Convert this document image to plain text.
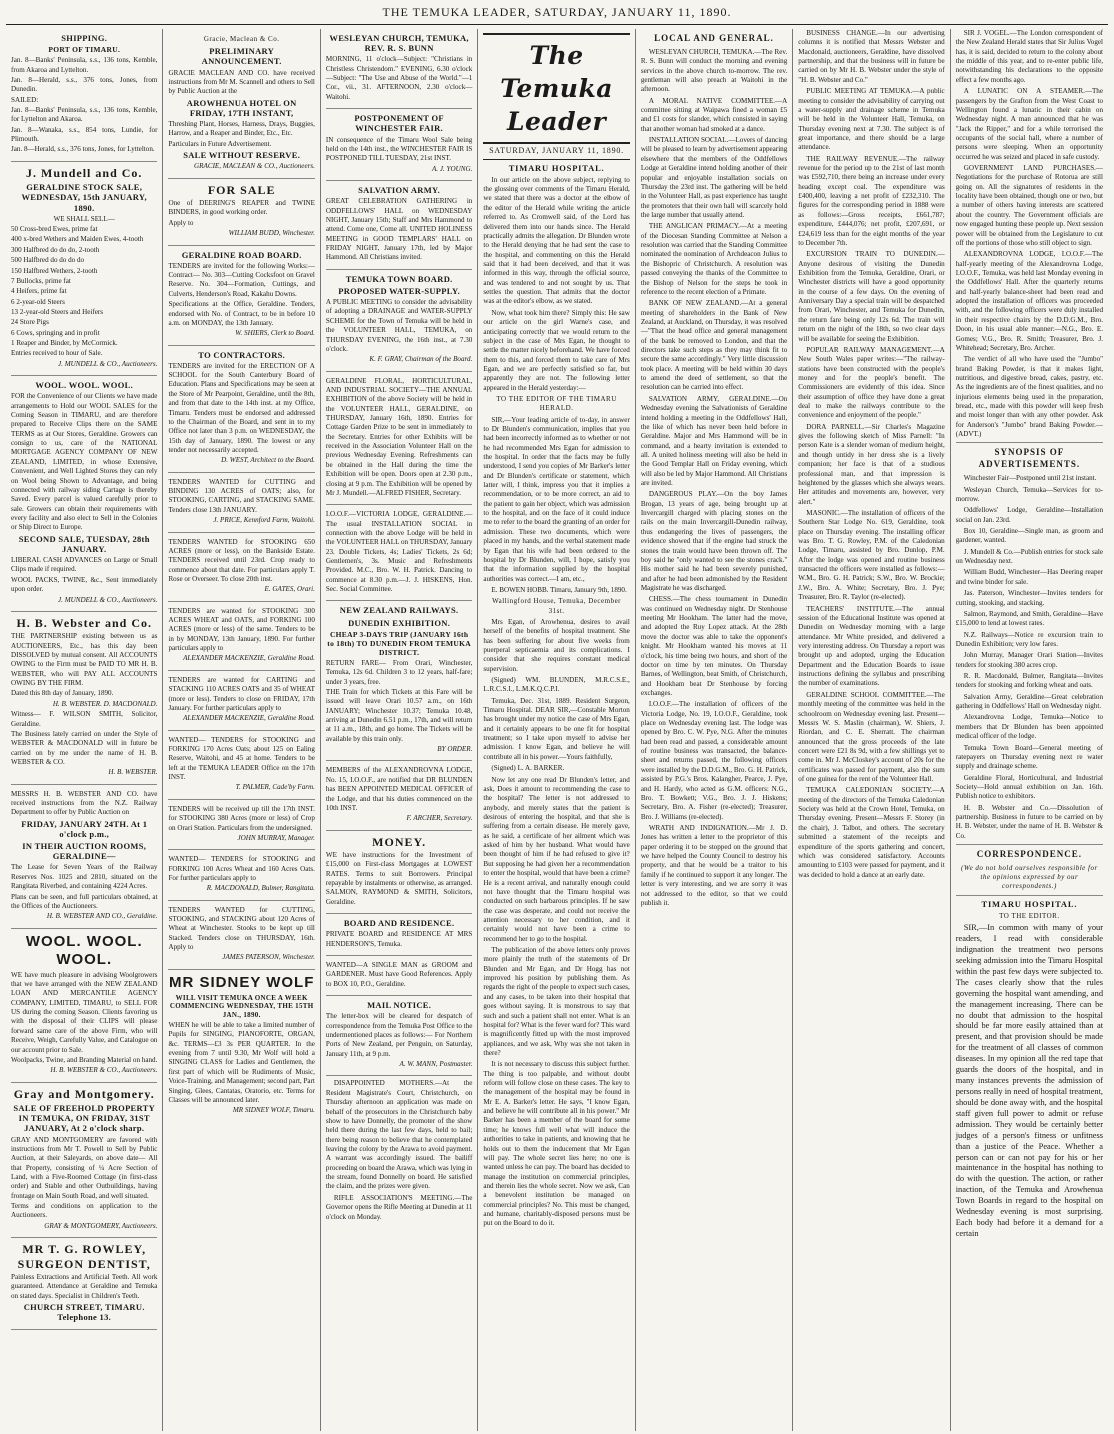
THE TEMUKA LEADER, SATURDAY, JANUARY 11, 1890.
SHIPPING.
PORT OF TIMARU.

Jan. 8—Banks' Peninsula, s.s., 136 tons, Kemble, from Akaroa and Lyttelton.

Jan. 8—Herald, s.s., 376 tons, Jones, from Dunedin.

SAILED:

Jan. 8—Banks' Peninsula, s.s., 136 tons, Kemble, for Lyttelton and Akaroa.

Jan. 8—Wanaka, s.s., 854 tons, Lundie, for Plimouth.

Jan. 8—Herald, s.s., 376 tons, Jones, for Lyttelton.

J. Mundell and Co.
GERALDINE STOCK SALE, WEDNESDAY, 15th JANUARY, 1890.

WE SHALL SELL—

50 Cross-bred Ewes, prime fat

400 x-bred Wethers and Maiden Ewes, 4-tooth

300 Halfbred do do do, 2-tooth

500 Halfbred do do do do

150 Halfbred Wethers, 2-tooth

7 Bullocks, prime fat

4 Heifers, prime fat

6 2-year-old Steers

13 2-year-old Steers and Heifers

24 Store Pigs

6 Cows, springing and in profit

1 Reaper and Binder, by McCormick.

Entries received to hour of Sale.

J. MUNDELL & CO., Auctioneers.

WOOL. WOOL. WOOL.

FOR the Convenience of our Clients we have made arrangements to Hold our WOOL SALES for the Coming Season in TIMARU, and are therefore prepared to Receive Clips there on the SAME TERMS as at Our Stores, Geraldine. Growers can consign to us, care of the NATIONAL MORTGAGE AGENCY COMPANY OF NEW ZEALAND, LIMITED, in whose Extensive, Convenient, and Well Lighted Stores they can rely on Wool being Shown to Advantage, and being connected with railway siding Cartage is thereby Saved. Every parcel is valued carefully prior to sale. Growers can obtain their requirements with every facility and also elect to Sell in the Colonies or Ship Direct to Europe.

SECOND SALE, TUESDAY, 28th JANUARY.

LIBERAL CASH ADVANCES on Large or Small Clips made if required.

WOOL PACKS, TWINE, &c., Sent immediately upon order.

J. MUNDELL & CO., Auctioneers.

H. B. Webster and Co.

THE PARTNERSHIP existing between us as AUCTIONEERS, Etc., has this day been DISSOLVED by mutual consent. All ACCOUNTS OWING to the Firm must be PAID TO MR H. B. WEBSTER, who will PAY ALL ACCOUNTS OWING BY THE FIRM.

Dated this 8th day of January, 1890.

H. B. WEBSTER. D. MACDONALD.

Witness— F. WILSON SMITH, Solicitor, Geraldine.

The Business lately carried on under the Style of WEBSTER & MACDONALD will in future be carried on by me under the name of H. B. WEBSTER & CO.

H. B. WEBSTER.

MESSRS H. B. WEBSTER AND CO. have received instructions from the N.Z. Railway Department to offer by Public Auction on

FRIDAY, JANUARY 24TH. At 1 o'clock p.m.,
IN THEIR AUCTION ROOMS, GERALDINE—

The Lease for Seven Years of the Railway Reserves Nos. 1025 and 2810, situated on the Rangitata Riverbed, and containing 4224 Acres.

Plans can be seen, and full particulars obtained, at the Offices of the Auctioneers.

H. B. WEBSTER AND CO., Geraldine.

WOOL. WOOL. WOOL.

WE have much pleasure in advising Woolgrowers that we have arranged with the NEW ZEALAND LOAN AND MERCANTILE AGENCY COMPANY, LIMITED, TIMARU, to SELL FOR US during the coming Season. Clients favoring us with the disposal of their CLIPS will please forward same care of the above Firm, who will Receive, Weigh, Carefully Value, and Catalogue on our account prior to Sale.

Woolpacks, Twine, and Branding Material on hand.

H. B. WEBSTER & CO., Auctioneers.

Gray and Montgomery.
SALE OF FREEHOLD PROPERTY IN TEMUKA, ON FRIDAY, 31ST JANUARY, At 2 o'clock sharp.

GRAY AND MONTGOMERY are favored with instructions from Mr T. Powell to Sell by Public Auction, at their Saleyards, on above date— All that Property, consisting of ¼ Acre Section of Land, with a Five-Roomed Cottage (in first-class order) and Stable and other Outbuildings, having frontage on Main South Road, and well situated.

Terms and conditions on application to the Auctioneers.

GRAY & MONTGOMERY, Auctioneers.

MR T. G. ROWLEY, SURGEON DENTIST,

Painless Extractions and Artificial Teeth. All work guaranteed. Attendance at Geraldine and Temuka on stated days. Specialist in Children's Teeth.

CHURCH STREET, TIMARU. Telephone 13.
Gracie, Maclean & Co.
PRELIMINARY ANNOUNCEMENT.

GRACIE MACLEAN AND CO. have received instructions from Mr M. Scannell and others to Sell by Public Auction at the

AROWHENUA HOTEL ON FRIDAY, 17TH INSTANT,

Threshing Plant, Horses, Harness, Drays, Buggies, Harrow, and a Reaper and Binder, Etc., Etc.

Particulars in Future Advertisement.

SALE WITHOUT RESERVE.

GRACIE, MACLEAN & CO., Auctioneers.

FOR SALE

One of DEERING'S REAPER and TWINE BINDERS, in good working order.

Apply to

WILLIAM BUDD, Winchester.

GERALDINE ROAD BOARD.

TENDERS are invited for the following Works:— Contract— No. 303—Cutting Cocksfoot on Gravel Reserve. No. 304—Formation, Cuttings, and Culverts, Henderson's Road, Kakahu Downs.

Specifications at the Office, Geraldine. Tenders, endorsed with No. of Contract, to be in before 10 a.m. on MONDAY, the 13th January.

W. SHIERS, Clerk to Board.

TO CONTRACTORS.

TENDERS are invited for the ERECTION OF A SCHOOL for the South Canterbury Board of Education. Plans and Specifications may be seen at the Store of Mr Pearpoint, Geraldine, until the 8th, and from that date to the 14th inst. at my Office, Timaru. Tenders must be endorsed and addressed to the Chairman of the Board, and sent in to my Office not later than 3 p.m. on WEDNESDAY, the 15th day of January, 1890. The lowest or any tender not necessarily accepted.

D. WEST, Architect to the Board.

TENDERS WANTED for CUTTING and BINDING 130 ACRES of OATS; also, for STOOKING, CARTING, and STACKING SAME. Tenders close 13th JANUARY.

J. PRICE, Kennford Farm, Waitohi.

TENDERS WANTED for STOOKING 650 ACRES (more or less), on the Bankside Estate. TENDERS received until 23rd. Crop ready to commence about that date. For particulars apply T. Rose or Overseer. To close 20th inst.

E. GATES, Orari.

TENDERS are wanted for STOOKING 300 ACRES WHEAT and OATS, and FORKING 100 ACRES (more or less) of the same. Tenders to be in by MONDAY, 13th January, 1890. For further particulars apply to

ALEXANDER MACKENZIE, Geraldine Road.

TENDERS are wanted for CARTING and STACKING 110 ACRES OATS and 35 of WHEAT (more or less). Tenders to close on FRIDAY, 17th January. For further particulars apply to

ALEXANDER MACKENZIE, Geraldine Road.

WANTED— TENDERS for STOOKING and FORKING 170 Acres Oats; about 125 on Ealing Reserve, Waitohi, and 45 at home. Tenders to be left at the TEMUKA LEADER Office on the 17th INST.

T. PALMER, Cade'by Farm.

TENDERS will be received up till the 17th INST. for STOOKING 380 Acres (more or less) of Crop on Orari Station. Particulars from the undersigned.

JOHN MURRAY, Manager.

WANTED— TENDERS for STOOKING and FORKING 100 Acres Wheat and 160 Acres Oats. For further particulars apply to

R. MACDONALD, Bulmer, Rangitata.

TENDERS WANTED for CUTTING, STOOKING, and STACKING about 120 Acres of Wheat at Winchester. Stooks to be kept up till Stacked. Tenders close on THURSDAY, 16th. Apply to

JAMES PATERSON, Winchester.

MR SIDNEY WOLF
WILL VISIT TEMUKA ONCE A WEEK COMMENCING WEDNESDAY, THE 15TH JAN., 1890.

WHEN he will be able to take a limited number of Pupils for SINGING, PIANOFORTE, ORGAN, &c. TERMS—£3 3s PER QUARTER. In the evening from 7 until 9.30, Mr Wolf will hold a SINGING CLASS for Ladies and Gentlemen, the first part of which will be Rudiments of Music, Voice-Training, and Management; second part, Part Singing, Glees, Cantatas, Oratorio, etc. Terms for Classes will be announced later.

MR SIDNEY WOLF, Timaru.

WESLEYAN CHURCH, TEMUKA, REV. R. S. BUNN

MORNING, 11 o'clock—Subject: "Christians in Christless Christendom." EVENING, 6.30 o'clock—Subject: "The Use and Abuse of the World."—1 Cor., vii., 31. AFTERNOON, 2.30 o'clock—Waitohi.

POSTPONEMENT OF WINCHESTER FAIR.

IN consequence of the Timaru Wool Sale being held on the 14th inst., the WINCHESTER FAIR IS POSTPONED TILL TUESDAY, 21st INST.

A. J. YOUNG.

SALVATION ARMY.

GREAT CELEBRATION GATHERING in ODDFELLOWS' HALL on WEDNESDAY NIGHT, January 15th; Staff and Mrs Hammond to attend. Come one, Come all. UNITED HOLINESS MEETING in GOOD TEMPLARS' HALL on FRIDAY NIGHT, January 17th, led by Major Hammond. All Christians invited.

TEMUKA TOWN BOARD.
PROPOSED WATER-SUPPLY.

A PUBLIC MEETING to consider the advisability of adopting a DRAINAGE and WATER-SUPPLY SCHEME for the Town of Temuka will be held in the VOLUNTEER HALL, TEMUKA, on THURSDAY EVENING, the 16th inst., at 7.30 o'clock.

K. F. GRAY, Chairman of the Board.

GERALDINE FLORAL, HORTICULTURAL, AND INDUSTRIAL SOCIETY—THE ANNUAL EXHIBITION of the above Society will be held in the VOLUNTEER HALL, GERALDINE, on THURSDAY, January 16th, 1890. Entries for Cottage Garden Prize to be sent in immediately to the Secretary. Entries for other Exhibits will be received in the Association Volunteer Hall on the previous Wednesday Evening. Refreshments can be obtained in the Hall during the time the Exhibition will be open. Doors open at 2.30 p.m., closing at 9 p.m. The Exhibition will be opened by Mr J. Mundell.—ALFRED FISHER, Secretary.

I.O.O.F.—VICTORIA LODGE, GERALDINE.—The usual INSTALLATION SOCIAL in connection with the above Lodge will be held in the VOLUNTEER HALL on THURSDAY, January 23. Double Tickets, 4s; Ladies' Tickets, 2s 6d; Gentlemen's, 3s. Music and Refreshments Provided. M.C., Bro. W. H. Patrick. Dancing to commence at 8.30 p.m.—J. J. HISKENS, Hon. Sec. Social Committee.

NEW ZEALAND RAILWAYS.
DUNEDIN EXHIBITION.
CHEAP 3-DAYS TRIP (JANUARY 16th to 18th) TO DUNEDIN FROM TEMUKA DISTRICT.

RETURN FARE— From Orari, Winchester, Temuka, 12s 6d. Children 3 to 12 years, half-fare; under 3 years, free.

THE Train for which Tickets at this Fare will be issued will leave Orari 10.57 a.m., on 16th JANUARY; Winchester 10.37; Temuka 10.48, arriving at Dunedin 6.51 p.m., 17th, and will return at 11 a.m., 18th, and go home. The Tickets will be available by this train only.

BY ORDER.

MEMBERS of the ALEXANDROVNA LODGE, No. 15, I.O.O.F., are notified that DR BLUNDEN has BEEN APPOINTED MEDICAL OFFICER of the Lodge, and that his duties commenced on the 10th INST.

F. ARCHER, Secretary.

MONEY.

WE have instructions for the Investment of £15,000 on First-class Mortgages at LOWEST RATES. Terms to suit Borrowers. Principal repayable by instalments or otherwise, as arranged. SALMON, RAYMOND & SMITH, Solicitors, Geraldine.

BOARD AND RESIDENCE.

PRIVATE BOARD and RESIDENCE AT MRS HENDERSON'S, Temuka.

WANTED—A SINGLE MAN as GROOM and GARDENER. Must have Good References. Apply to BOX 10, P.O., Geraldine.

MAIL NOTICE.

The letter-box will be cleared for despatch of correspondence from the Temuka Post Office to the undermentioned places as follows:— For Northern Ports of New Zealand, per Penguin, on Saturday, January 11th, at 9 p.m.

A. W. MANN, Postmaster.

DISAPPOINTED MOTHERS.—At the Resident Magistrate's Court, Christchurch, on Thursday afternoon an application was made on behalf of the prosecutors in the Christchurch baby show to have Donnelly, the promoter of the show held there during the last few days, held to bail; there being reason to believe that he contemplated leaving the colony by the Arawa to avoid payment. A warrant was accordingly issued. The bailiff proceeding on board the Arawa, which was lying in the stream, found Donnelly on board. He satisfied the claim, and the prizes were given.

RIFLE ASSOCIATION'S MEETING.—The Governor opens the Rifle Meeting at Dunedin at 11 o'clock on Monday.

The Temuka Leader
SATURDAY, JANUARY 11, 1890.
TIMARU HOSPITAL.

In our article on the above subject, replying to the glossing over comments of the Timaru Herald, we stated that there was a doctor at the elbow of the editor of the Herald while writing the article referred to. As Cromwell said, of the Lord has delivered them into our hands since. The Herald practically admits the allegation. Dr Blunden wrote to the Herald denying that he had sent the case to the hospital, and commenting on this the Herald said that it had been deceived, and that it was informed in this way, through the official source, and was tendered to and not sought by us. That settles the question. That admits that the doctor was at the editor's elbow, as we stated.

Now, what took him there? Simply this: He saw our article on the girl Warne's case, and anticipating correctly that we would return to the subject in the case of Mrs Egan, he thought to settle the matter nicely beforehand. We have forced them to this, and forced them to take care of Mrs Egan, and we are perfectly satisfied so far, but apparently they are not. The following letter appeared in the Herald yesterday:—

TO THE EDITOR OF THE TIMARU HERALD.

SIR,—Your leading article of to-day, in answer to Dr Blunden's communication, implies that you had been incorrectly informed as to whether or not he had recommended Mrs Egan for admission to the hospital. In order that the facts may be fully understood, I send you copies of Mr Barker's letter and Dr Blunden's certificate or statement, which latter will, I think, impress you that it implies a recommendation, or to be more correct, an aid to the patient to gain her object, which was admission to the hospital, and on the face of it could induce me to refer to the board the granting of an order for admission. These two documents, which were placed in my hands, and the verbal statement made by Egan that his wife had been ordered to the hospital by Dr Blunden, will, I hope, satisfy you that the information supplied by the hospital authorities was correct.—I am, etc.,

E. BOWEN HOBB. Timaru, January 9th, 1890.

Wallingford House, Temuka, December 31st.

Mrs Egan, of Arowhenua, desires to avail herself of the benefits of hospital treatment. She has been suffering for about five weeks from puerperal septicaemia and its complications. I consider that she requires constant medical supervision.

(Signed) WM. BLUNDEN, M.R.C.S.E., L.R.C.S.I., L.M.K.Q.C.P.I.

Temuka, Dec. 31st, 1889. Resident Surgeon, Timaru Hospital. DEAR SIR,—Constable Morton has brought under my notice the case of Mrs Egan, and it certainly appears to be one fit for hospital treatment; so I take upon myself to advise her admission. I know Egan, and believe he will contribute all in his power.—Yours faithfully,

(Signed) L. A. BARKER.

Now let any one read Dr Blunden's letter, and ask, Does it amount to recommending the case to the hospital? The letter is not addressed to anybody, and merely states that the patient is desirous of entering the hospital, and that she is suffering from a certain disease. He merely gave, as he said, a certificate of her ailment which was asked of him by her husband. What would have been thought of him if he had refused to give it? But supposing he had given her a recommendation to enter the hospital, would that have been a crime? He is a recent arrival, and naturally enough could not have thought that the Timaru hospital was conducted on such barbarous principles. If he saw the case was desperate, and could not receive the attention necessary to her condition, and it certainly would not have been a crime to recommend her to go to the hospital.

The publication of the above letters only proves more plainly the truth of the statements of Dr Blunden and Mr Egan, and Dr Hogg has not improved his position by publishing them. As regards the right of the people to expect such cases, and any cases, to be taken into their hospital that goes without saying. It is monstrous to say that such and such a patient shall not enter. What is an hospital for? What is the fever ward for? This ward is magnificently fitted up with the most improved appliances, and we ask, Why was she not taken in there?

It is not necessary to discuss this subject further. The thing is too palpable, and without doubt reform will follow close on these cases. The key to the management of the hospital may be found in Mr E. A. Barker's letter. He says, "I know Egan, and believe he will contribute all in his power." Mr Barker has been a member of the board for some time; he knows full well what will induce the authorities to take in patients, and knowing that he holds out to them the inducement that Mr Egan will pay. The whole secret lies here; no one is wanted unless he can pay. The board has decided to manage the institution on commercial principles, and therein lies the whole secret. Now we ask, Can a benevolent institution be managed on commercial principles? No. This must be changed, and humane, charitably-disposed persons must be put on the Board to do it.

LOCAL AND GENERAL.

WESLEYAN CHURCH, TEMUKA.—The Rev. R. S. Bunn will conduct the morning and evening services in the above church to-morrow. The rev. gentleman will also preach at Waitohi in the afternoon.

A MORAL NATIVE COMMITTEE.—A committee sitting at Waipawa fined a woman £5 and £1 costs for slander, which consisted in saying that another woman had smoked at a dance.

INSTALLATION SOCIAL.—Lovers of dancing will be pleased to learn by advertisement appearing elsewhere that the members of the Oddfellows Lodge at Geraldine intend holding another of their popular and enjoyable installation socials on Thursday the 23rd inst. The gathering will be held in the Volunteer Hall, as past experience has taught the promoters that their own hall will scarcely hold the large number that usually attend.

THE ANGLICAN PRIMACY.—At a meeting of the Diocesan Standing Committee at Nelson a resolution was carried that the Standing Committee nominated the nomination of Archdeacon Julius to the Bishopric of Christchurch. A resolution was passed conveying the thanks of the Committee to the Bishop of Nelson for the steps he took in reference to the recent election of a Primate.

BANK OF NEW ZEALAND.—At a general meeting of shareholders in the Bank of New Zealand, at Auckland, on Thursday, it was resolved—"That the head office and general management of the bank be removed to London, and that the directors take such steps as they may think fit to secure the same accordingly." Very little discussion took place. A meeting will be held within 30 days to amend the deed of settlement, so that the resolution can be carried into effect.

SALVATION ARMY, GERALDINE.—On Wednesday evening the Salvationists of Geraldine intend holding a meeting in the Oddfellows' Hall, the like of which has never been held before in Geraldine. Major and Mrs Hammond will be in command, and a hearty invitation is extended to all. A united holiness meeting will also be held in the Good Templar Hall on Friday evening, which will also be led by Major Hammond. All Christians are invited.

DANGEROUS PLAY.—On the boy James Brogan, 13 years of age, being brought up at Invercargill charged with placing stones on the rails on the main Invercargill-Dunedin railway, thus endangering the lives of passengers, the evidence showed that if the engine had struck the stones the train would have been thrown off. The boy said he "only wanted to see the stones crack." His mother said he had been severely punished, and after he had been admonished by the Resident Magistrate he was discharged.

CHESS.—The chess tournament in Dunedin was continued on Wednesday night. Dr Stenhouse meeting Mr Hookham. The latter had the move, and adopted the Ruy Lopez attack. At the 28th move the doctor was able to take the opponent's knight. Mr Hookham wanted his moves at 11 o'clock, his time being two hours, and short of the doctor on time by ten minutes. On Thursday Barnes, of Wellington, beat Smith, of Christchurch, and Hookham beat Dr Stenhouse by forcing exchanges.

I.O.O.F.—The installation of officers of the Victoria Lodge, No. 19, I.O.O.F., Geraldine, took place on Wednesday evening last. The lodge was opened by Bro. C. W. Pye, N.G. After the minutes had been read and passed, a considerable amount of routine business was transacted, the balance-sheet and returns passed, the following officers were installed by the D.D.G.M., Bro. G. H. Patrick, assisted by P.G.'s Bros. Kalangher, Pearce, J. Pye, and H. Hardy, who acted as G.M. officers: N.G., Bro. T. Bowkett; V.G., Bro. J. J. Hiskens; Secretary, Bro. A. Fisher (re-elected); Treasurer, Bro. J. Williams (re-elected).

WRATH AND INDIGNATION.—Mr J. D. Jones has written a letter to the proprietor of this paper ordering it to be stopped on the ground that we have helped the County Council to destroy his property, and that he would be a traitor to his family if he continued to support it any longer. The letter is very interesting, and we are sorry it was not addressed to the editor, so that we could publish it.

BUSINESS CHANGE.—In our advertising columns it is notified that Messrs Webster and Macdonald, auctioneers, Geraldine, have dissolved partnership, and that the business will in future be carried on by Mr H. B. Webster under the style of "H. B. Webster and Co."

PUBLIC MEETING AT TEMUKA.—A public meeting to consider the advisability of carrying out a water-supply and drainage scheme in Temuka will be held in the Volunteer Hall, Temuka, on Thursday evening next at 7.30. The subject is of great importance, and there should be a large attendance.

THE RAILWAY REVENUE.—The railway revenue for the period up to the 21st of last month was £592,710, there being an increase under every heading except coal. The expenditure was £400,400, leaving a net profit of £232,310. The figures for the corresponding period in 1888 were as follows:—Gross receipts, £661,787; expenditure, £444,076; net profit, £207,691, or £24,619 less than for the eight months of the year to December 7th.

EXCURSION TRAIN TO DUNEDIN.—Anyone desirous of visiting the Dunedin Exhibition from the Temuka, Geraldine, Orari, or Winchester districts will have a good opportunity in the course of a few days. On the evening of Anniversary Day a special train will be despatched from Orari, Winchester, and Temuka for Dunedin, the return fare being only 12s 6d. The train will return on the night of the 18th, so two clear days will be available for seeing the Exhibition.

POPULAR RAILWAY MANAGEMENT.—A New South Wales paper writes:—"The railway-stations have been constructed with the people's money and for the people's benefit. The Commissioners are evidently of this idea. Since their assumption of office they have done a great deal to make the railways contribute to the convenience and enjoyment of the people."

DORA PARNELL.—Sir Charles's Magazine gives the following sketch of Miss Parnell: "In person Kate is a slender woman of medium height, and though untidy in her dress she is a lively companion; her face is that of a studious professional man, and that impression is heightened by the glasses which she always wears. Her attitudes and movements are, however, very alert."

MASONIC.—The installation of officers of the Southern Star Lodge No. 619, Geraldine, took place on Thursday evening. The installing officer was Bro. T. G. Rowley, P.M. of the Caledonian Lodge, Timaru, assisted by Bro. Dunlop, P.M. After the lodge was opened and routine business transacted the officers were installed as follows:—W.M., Bro. G. H. Patrick; S.W., Bro. W. Brockie; J.W., Bro. A. White; Secretary, Bro. J. Pye; Treasurer, Bro. R. Taylor (re-elected).

TEACHERS' INSTITUTE.—The annual session of the Educational Institute was opened at Dunedin on Wednesday morning with a large attendance. Mr White presided, and delivered a very interesting address. On Thursday a report was brought up and adopted, urging the Education Department and the Education Boards to issue instructions defining the syllabus and prescribing the number of examinations.

GERALDINE SCHOOL COMMITTEE.—The monthly meeting of the committee was held in the schoolroom on Wednesday evening last. Present—Messrs W. S. Maslin (chairman), W. Shiers, J. Riordan, and C. E. Sherratt. The chairman announced that the gross proceeds of the late concert were £21 8s 9d, with a few shillings yet to come in. Mr J. McCloskey's account of 20s for the certificates was passed for payment, also the sum of one guinea for the rent of the Volunteer Hall.

TEMUKA CALEDONIAN SOCIETY.—A meeting of the directors of the Temuka Caledonian Society was held at the Crown Hotel, Temuka, on Thursday evening. Present—Messrs F. Storey (in the chair), J. Talbot, and others. The secretary submitted a statement of the receipts and expenditure of the sports gathering and concert, which was considered satisfactory. Accounts amounting to £103 were passed for payment, and it was decided to hold a dance at an early date.

SIR J. VOGEL.—The London correspondent of the New Zealand Herald states that Sir Julius Vogel has, it is said, decided to return to the colony about the middle of this year, and to re-enter public life, notwithstanding his declarations to the opposite effect a few months ago.

A LUNATIC ON A STEAMER.—The passengers by the Grafton from the West Coast to Wellington found a lunatic in their cabin on Wednesday night. A man announced that he was "Jack the Ripper," and for a while terrorised the occupants of the social hall, where a number of persons were sleeping. When an opportunity occurred he was seized and placed in safe custody.

GOVERNMENT LAND PURCHASES.—Negotiations for the purchase of Rotorua are still going on. All the signatures of residents in the locality have been obtained, though one or two, but a number of others having interests are scattered about the country. The Government officials are now engaged hunting these people up. Next session power will be obtained from the Legislature to cut off the portions of those who still object to sign.

ALEXANDROVNA LODGE, I.O.O.F.—The half-yearly meeting of the Alexandrovna Lodge, I.O.O.F., Temuka, was held last Monday evening in the Oddfellows' Hall. After the quarterly returns and half-yearly balance-sheet had been read and adopted the installation of officers was proceeded with, and the following officers were duly installed in their respective chairs by the D.D.G.M., Bro. Doon, in his usual able manner:—N.G., Bro. E. Gomes; V.G., Bro. R. Smith; Treasurer, Bro. J. Whitehead; Secretary, Bro. Archer.

The verdict of all who have used the "Jumbo" brand Baking Powder, is that it makes light, nutritious, and digestive bread, cakes, pastry, etc. As the ingredients are of the finest qualities, and no injurious elements being used in the preparation, bread, etc., made with this powder will keep fresh and moist longer than with any other powder. Ask for Anderson's "Jumbo" brand Baking Powder.—(ADVT.)

SYNOPSIS OF ADVERTISEMENTS.

Winchester Fair—Postponed until 21st instant.

Wesleyan Church, Temuka—Services for to-morrow.

Oddfellows' Lodge, Geraldine—Installation social on Jan. 23rd.

Box 10, Geraldine—Single man, as groom and gardener, wanted.

J. Mundell & Co.—Publish entries for stock sale on Wednesday next.

William Budd, Winchester—Has Deering reaper and twine binder for sale.

Jas. Paterson, Winchester—Invites tenders for cutting, stooking, and stacking.

Salmon, Raymond, and Smith, Geraldine—Have £15,000 to lend at lowest rates.

N.Z. Railways—Notice re excursion train to Dunedin Exhibition; very low fares.

John Murray, Manager Orari Station—Invites tenders for stooking 380 acres crop.

R. R. Macdonald, Bulmer, Rangitata—Invites tenders for stooking and forking wheat and oats.

Salvation Army, Geraldine—Great celebration gathering in Oddfellows' Hall on Wednesday night.

Alexandrovna Lodge, Temuka—Notice to members that Dr Blunden has been appointed medical officer of the lodge.

Temuka Town Board—General meeting of ratepayers on Thursday evening next re water supply and drainage scheme.

Geraldine Floral, Horticultural, and Industrial Society—Hold annual exhibition on Jan. 16th. Publish notice to exhibitors.

H. B. Webster and Co.—Dissolution of partnership. Business in future to be carried on by H. B. Webster, under the name of H. B. Webster & Co.

CORRESPONDENCE.
(We do not hold ourselves responsible for the opinions expressed by our correspondents.)
TIMARU HOSPITAL.
TO THE EDITOR.

SIR,—In common with many of your readers, I read with considerable indignation the treatment two persons seeking admission into the Timaru Hospital within the past few days were subjected to. The cases clearly show that the rules governing the hospital want amending, and the management increasing. There can be no doubt that admission to the hospital should be far more easily attained than at present, and that provision should be made for the treatment of all classes of common diseases. In my opinion all the red tape that guards the doors of the hospital, and in many instances prevents the admission of persons really in need of hospital treatment, should be done away with, and the hospital staff given full power to admit or refuse admission. They would be certainly better judges of a person's fitness or unfitness than a justice of the Peace. Whether a person can or can not pay for his or her maintenance in the hospital has nothing to do with the question. The action, or rather inaction, of the Temuka and Arowhenua Town Boards in regard to the hospital on Wednesday evening is most surprising. Each body had before it a demand for a certain
